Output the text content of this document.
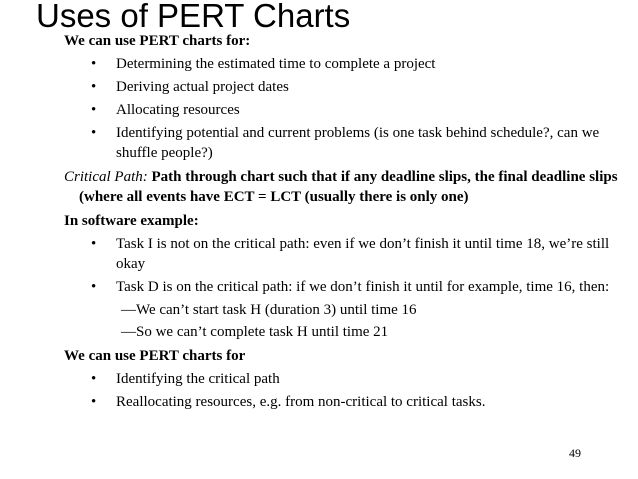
Uses of PERT Charts

We can use PERT charts for:

• Determining the estimated time to complete a project
• Deriving actual project dates
• Allocating resources
• Identifying potential and current problems (is one task behind schedule?, can we shuffle people?)

Critical Path: Path through chart such that if any deadline slips, the final deadline slips (where all events have ECT = LCT (usually there is only one)

In software example:

• Task I is not on the critical path: even if we don’t finish it until time 18, we’re still okay
• Task D is on the critical path: if we don’t finish it until for example, time 16, then:

—We can’t start task H (duration 3) until time 16

—So we can’t complete task H until time 21

We can use PERT charts for

• Identifying the critical path
• Reallocating resources, e.g. from non-critical to critical tasks.
49
